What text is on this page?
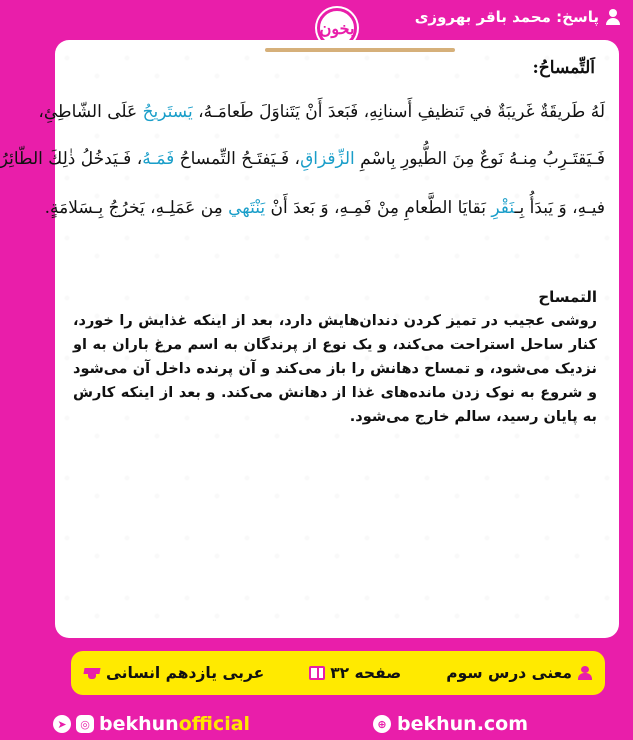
پاسخ: محمد باقر بهروزی
بخون
اَلتِّمساحُ:
لَهُ طَريقَةٌ غَريبَةٌ في تَنظيفِ أَسنانِهِ، فَبَعدَ أَنْ يَتَناوَلَ طَعامَـهُ، يَستَريحُ عَلَى الشّاطِئِ،
فَـيَقتَـرِبُ مِنـهُ نَوعٌ مِنَ الطُّيورِ بِاسْمِ الزِّقزاقِ، فَـيَفتَـحُ التِّمساحُ فَمَـهُ، فَـيَدخُلُ ذٰلِكَ الطّائِرُ
فيـهِ، وَ يَبدَأُ بِـنَقْرِ بَقايَا الطَّعامِ مِنْ فَمِـهِ، وَ بَعدَ أَنْ يَنْتَهي مِن عَمَلِـهِ، يَخرُجُ بِـسَلامَةٍ.
التمساح
روشی عجیب در تمیز کردن دندان‌هایش دارد، بعد از اینکه غذایش را خورد، کنار ساحل استراحت می‌کند، و یک نوع از پرندگان به اسم مرغ باران به او نزدیک می‌شود، و تمساح دهانش را باز می‌کند و آن پرنده داخل آن می‌شود و شروع به نوک زدن مانده‌های غذا از دهانش می‌کند. و بعد از اینکه کارش به پایان رسید، سالم خارج می‌شود.
معنی درس سوم
صفحه ۳۲
عربی یازدهم انسانی
➤	◎ bekhunofficial	⊕ bekhun.com
